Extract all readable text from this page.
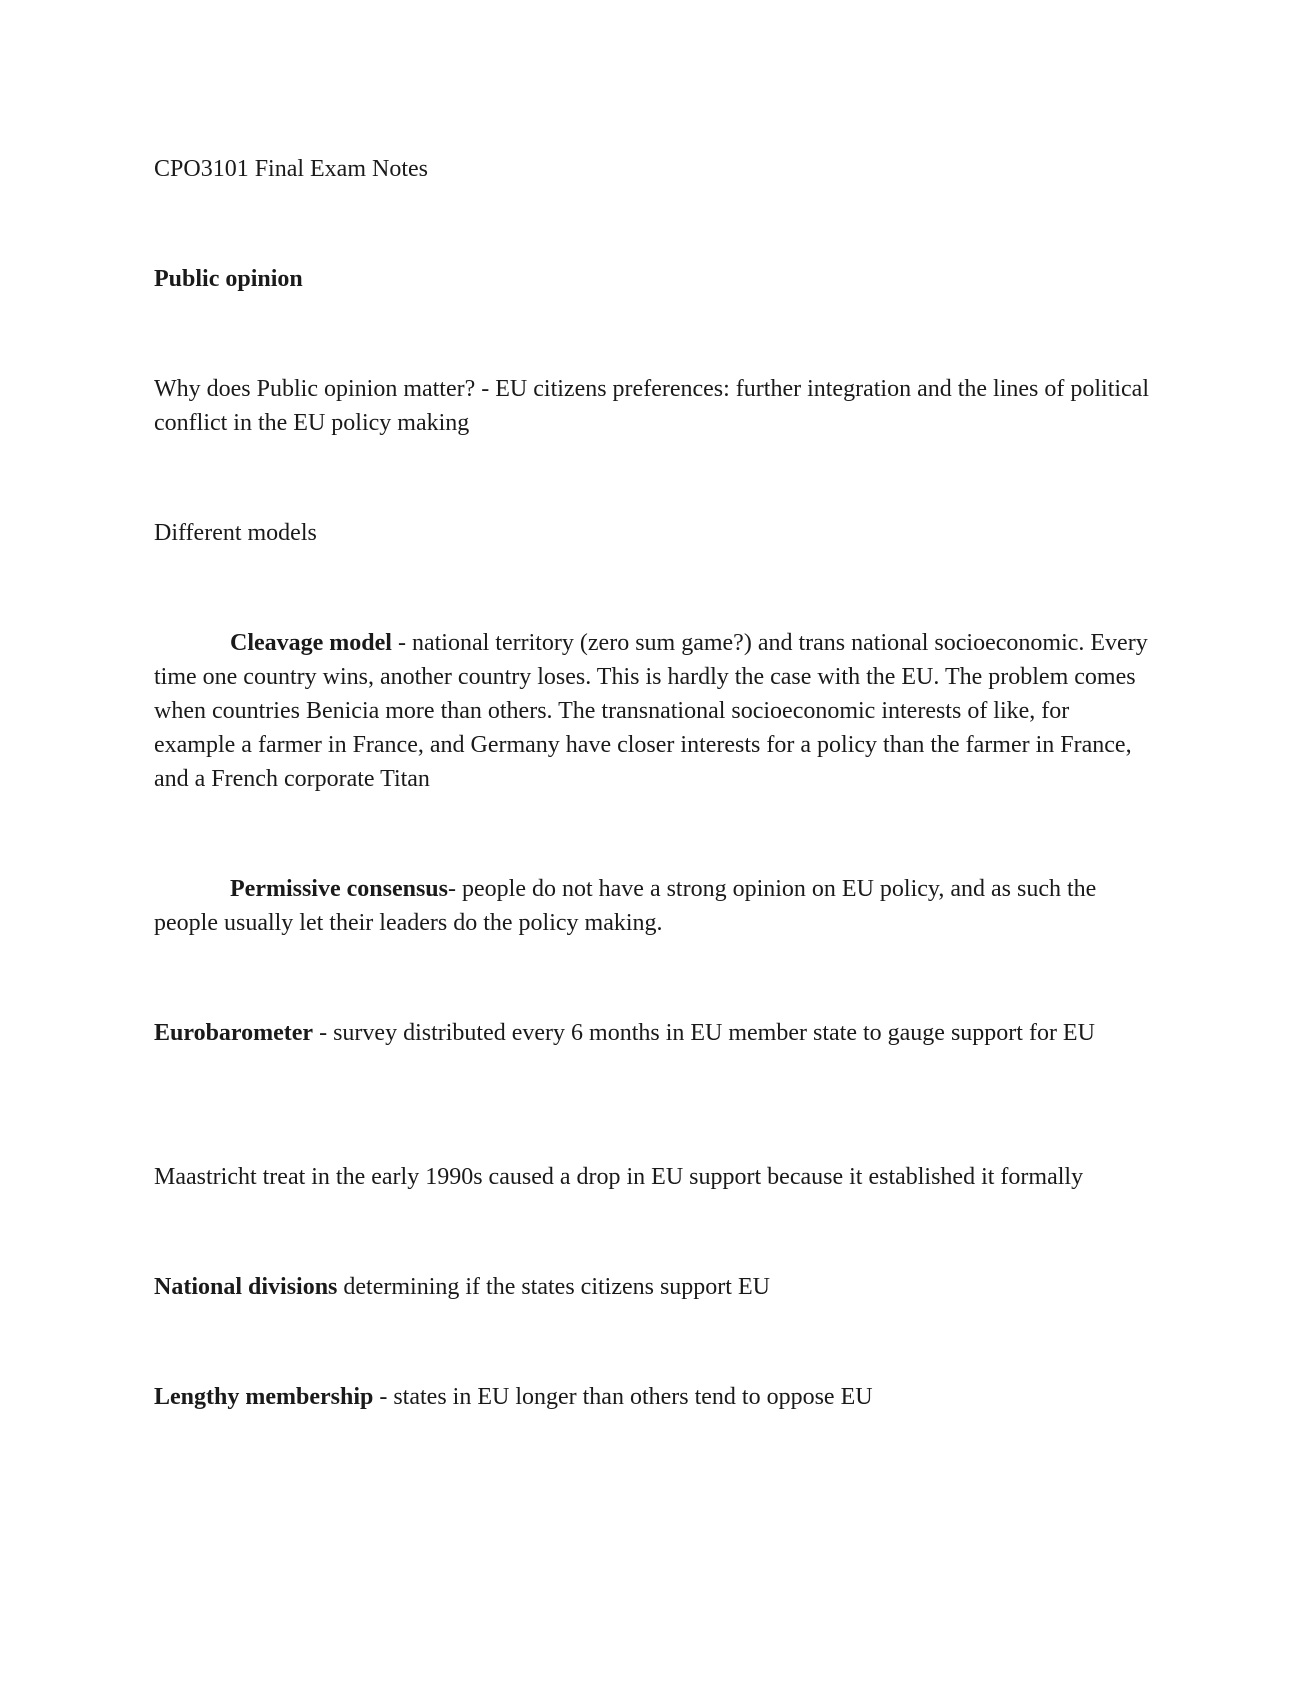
CPO3101 Final Exam Notes

Public opinion

Why does Public opinion matter? - EU citizens preferences: further integration and the lines of political conflict in the EU policy making

Different models

Cleavage model - national territory (zero sum game?) and trans national socioeconomic. Every time one country wins, another country loses. This is hardly the case with the EU. The problem comes when countries Benicia more than others. The transnational socioeconomic interests of like, for example a farmer in France, and Germany have closer interests for a policy than the farmer in France, and a French corporate Titan

Permissive consensus- people do not have a strong opinion on EU policy, and as such the people usually let their leaders do the policy making.

Eurobarometer - survey distributed every 6 months in EU member state to gauge support for EU

Maastricht treat in the early 1990s caused a drop in EU support because it established it formally

National divisions determining if the states citizens support EU

Lengthy membership - states in EU longer than others tend to oppose EU
